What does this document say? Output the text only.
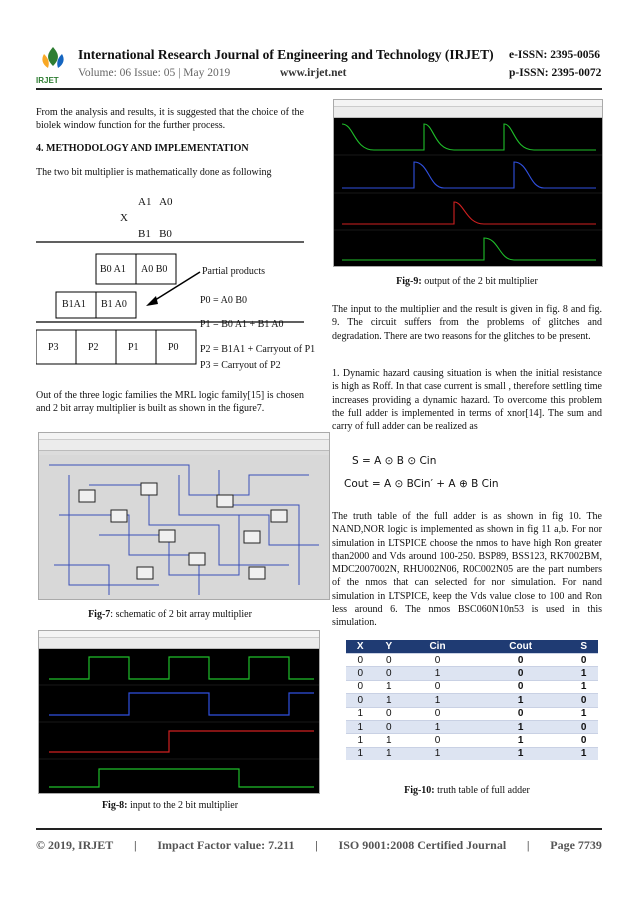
IRJET
International Research Journal of Engineering and Technology (IRJET) e-ISSN: 2395-0056
Volume: 06 Issue: 05 | May 2019	www.irjet.net	p-ISSN: 2395-0072
From the analysis and results, it is suggested that the choice of the biolek window function for the further process.
4. METHODOLOGY AND IMPLEMENTATION
The two bit multiplier is mathematically done as following
A1   A0
X
B1   B0
B0 A1 A0 B0
B1A1 B1 A0
Partial products
P3	P2	P1	P0
P0 = A0 B0
P1 = B0 A1 + B1 A0
P2 = B1A1 + Carryout of P1
P3 = Carryout of P2
Out of the three logic families the MRL logic family[15] is chosen and 2 bit array multiplier is built as shown in the figure7.
Fig-7: schematic of 2 bit array multiplier
Fig-8: input to the 2 bit multiplier
Fig-9: output of the 2 bit multiplier
The input to the multiplier and the result is given in fig. 8 and fig. 9. The circuit suffers from the problems of glitches and degradation. There are two reasons for the glitches to be present.
1. Dynamic hazard causing situation is when the initial resistance is high as Roff. In that case current is small , therefore settling time increases providing a dynamic hazard. To overcome this problem the full adder is implemented in terms of xnor[14]. The sum and carry of full adder can be realized as
S = A ⊙ B ⊙ Cin
Cout = A ⊙ BCin′ + A ⊕ B Cin
The truth table of the full adder is as shown in fig 10. The NAND,NOR logic is implemented as shown in fig 11 a,b. For nor simulation in LTSPICE choose the nmos to have high Ron greater than2000 and Vds around 100-250. BSP89, BSS123, RK7002BM, MDC2007002N, RHU002N06, R0C002N05 are the part numbers of the nmos that can selected for nor simulation. For nand simulation in LTSPICE, keep the Vds value close to 100 and Ron less around 6. The nmos BSC060N10n53 is used in this simulation.
X	Y	Cin	Cout	S
0	0	0	0	0
0	0	1	0	1
0	1	0	0	1
0	1	1	1	0
1	0	0	0	1
1	0	1	1	0
1	1	0	1	0
1	1	1	1	1
Fig-10: truth table of full adder
© 2019, IRJET | Impact Factor value: 7.211 | ISO 9001:2008 Certified Journal | Page 7739
